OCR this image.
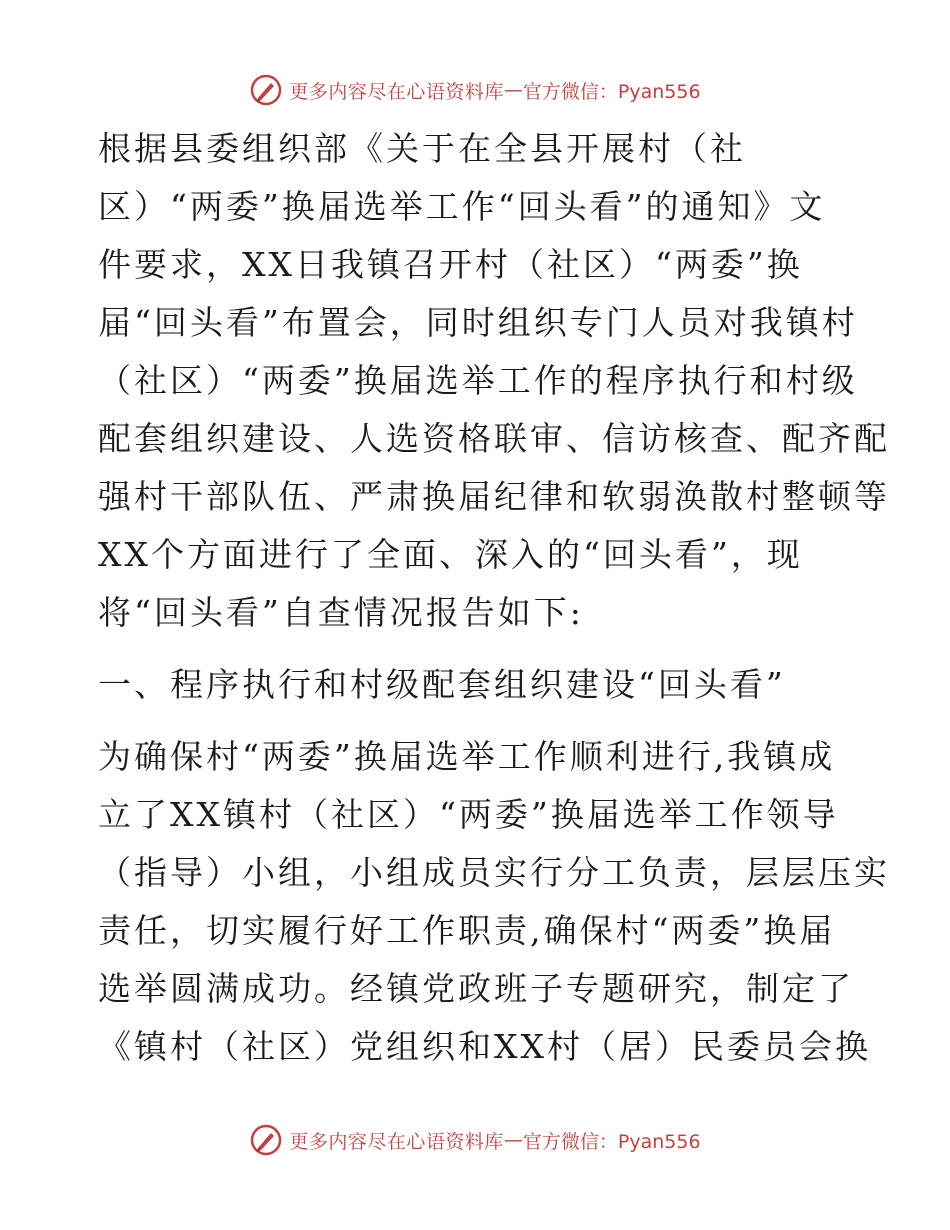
更多内容尽在心语资料库 — 官方微信：Pyan556
根据县委组织部《关于在全县开展村（社
区）“两委”换届选举工作“回头看”的通知》文
件要求，XX日我镇召开村（社区）“两委”换
届“回头看”布置会，同时组织专门人员对我镇村
（社区）“两委”换届选举工作的程序执行和村级
配套组织建设、人选资格联审、信访核查、配齐配
强村干部队伍、严肃换届纪律和软弱涣散村整顿等
XX个方面进行了全面、深入的“回头看”，现
将“回头看”自查情况报告如下:
一、程序执行和村级配套组织建设“回头看”
为确保村“两委”换届选举工作顺利进行,我镇成
立了XX镇村（社区）“两委”换届选举工作领导
（指导）小组，小组成员实行分工负责，层层压实
责任，切实履行好工作职责,确保村“两委”换届
选举圆满成功。经镇党政班子专题研究，制定了
《镇村（社区）党组织和XX村（居）民委员会换
更多内容尽在心语资料库 — 官方微信：Pyan556
